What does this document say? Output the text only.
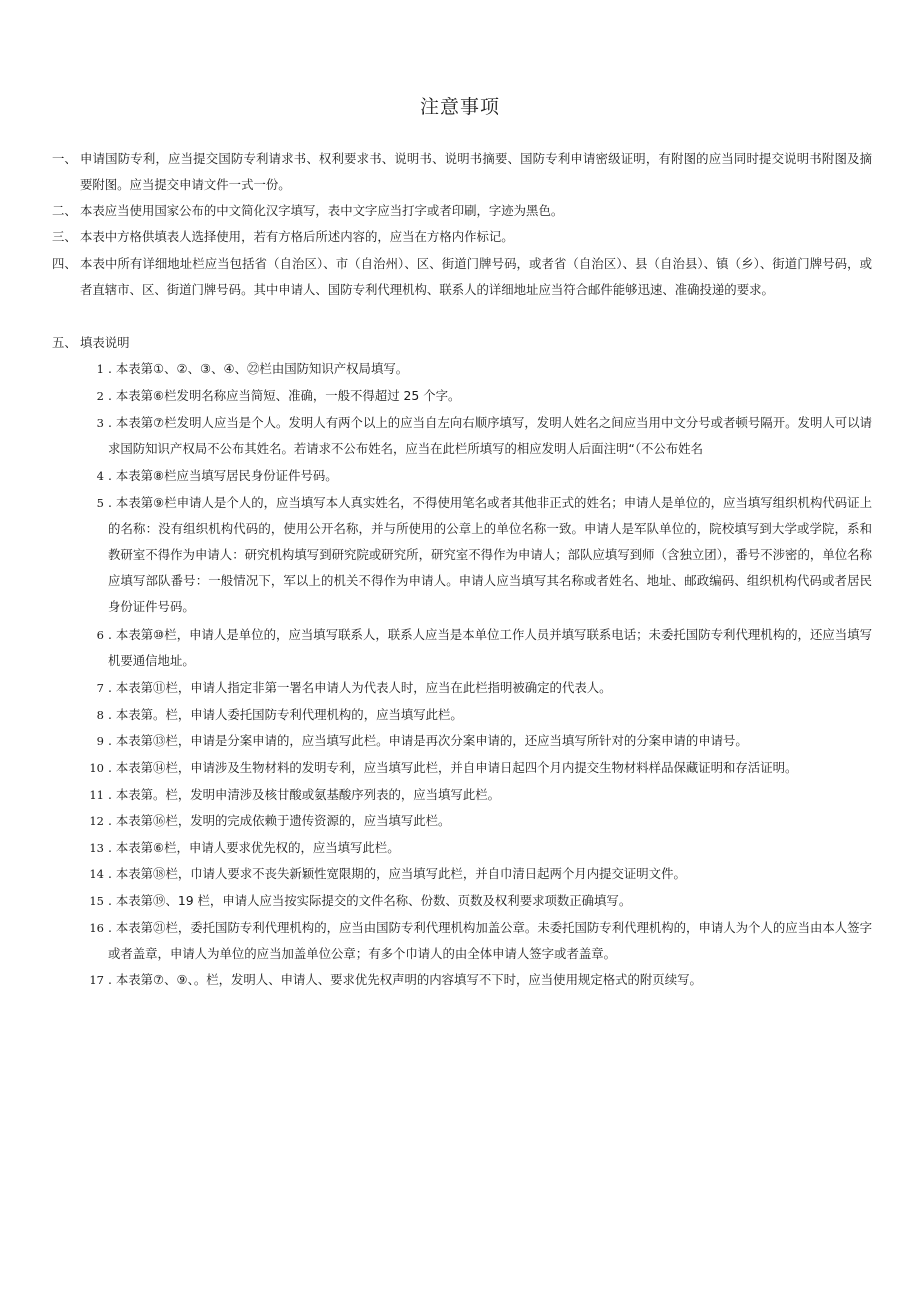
注意事项
一、 申请国防专利，应当提交国防专利请求书、权利要求书、说明书、说明书摘要、国防专利申请密级证明，有附图的应当同时提交说明书附图及摘要附图。应当提交申请文件一式一份。
二、 本表应当使用国家公布的中文简化汉字填写，表中文字应当打字或者印刷，字迹为黑色。
三、 本表中方格供填表人选择使用，若有方格后所述内容的，应当在方格内作标记。
四、 本表中所有详细地址栏应当包括省（自治区）、市（自治州）、区、街道门牌号码，或者省（自治区）、县（自治县）、镇（乡）、街道门牌号码，或者直辖市、区、街道门牌号码。其中申请人、国防专利代理机构、联系人的详细地址应当符合邮件能够迅速、准确投递的要求。
五、 填表说明
1 . 本表第①、②、③、④、㉒栏由国防知识产权局填写。
2 . 本表第⑥栏发明名称应当简短、准确，一般不得超过 25 个字。
3 . 本表第⑦栏发明人应当是个人。发明人有两个以上的应当自左向右顺序填写，发明人姓名之间应当用中文分号或者顿号隔开。发明人可以请求国防知识产权局不公布其姓名。若请求不公布姓名，应当在此栏所填写的相应发明人后面注明“（不公布姓名
4 . 本表第⑧栏应当填写居民身份证件号码。
5 . 本表第⑨栏申请人是个人的，应当填写本人真实姓名，不得使用笔名或者其他非正式的姓名；申请人是单位的，应当填写组织机构代码证上的名称：没有组织机构代码的，使用公开名称，并与所使用的公章上的单位名称一致。申请人是军队单位的，院校填写到大学或学院，系和教研室不得作为申请人：研究机构填写到研究院或研究所，研究室不得作为申请人；部队应填写到师（含独立团），番号不涉密的，单位名称应填写部队番号：一般情况下，军以上的机关不得作为申请人。申请人应当填写其名称或者姓名、地址、邮政编码、组织机构代码或者居民身份证件号码。
6 . 本表第⑩栏，申请人是单位的，应当填写联系人，联系人应当是本单位工作人员并填写联系电话；未委托国防专利代理机构的，还应当填写机要通信地址。
7 . 本表第⑪栏，申请人指定非第一署名申请人为代表人时，应当在此栏指明被确定的代表人。
8 . 本表第。栏，申请人委托国防专利代理机构的，应当填写此栏。
9 . 本表第⑬栏，申请是分案申请的，应当填写此栏。申请是再次分案申请的，还应当填写所针对的分案申请的申请号。
10 . 本表第⑭栏，申请涉及生物材料的发明专利，应当填写此栏，并自申请日起四个月内提交生物材料样品保藏证明和存活证明。
11 . 本表第。栏，发明申清涉及核甘酸或氨基酸序列表的，应当填写此栏。
12 . 本表第⑯栏，发明的完成依赖于遗传资源的，应当填写此栏。
13 . 本表第⑥栏，申请人要求优先权的，应当填写此栏。
14 . 本表第⑱栏，巾请人要求不丧失新颖性宽限期的，应当填写此栏，并自巾清日起两个月内提交证明文件。
15 . 本表第⑲、19 栏，申请人应当按实际提交的文件名称、份数、页数及权利要求项数正确填写。
16 . 本表第㉑栏，委托国防专利代理机构的，应当由国防专利代理机构加盖公章。未委托国防专利代理机构的，申请人为个人的应当由本人签字或者盖章，申请人为单位的应当加盖单位公章；有多个巾请人的由全体申请人签字或者盖章。
17 . 本表第⑦、⑨、。栏，发明人、申请人、要求优先权声明的内容填写不下时，应当使用规定格式的附页续写。
